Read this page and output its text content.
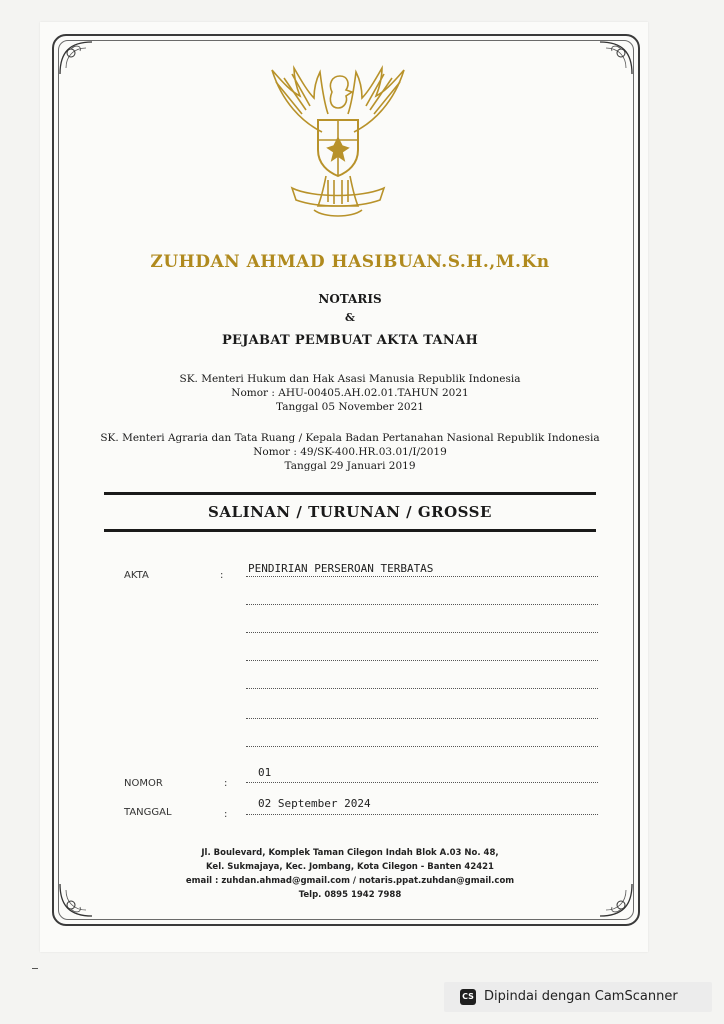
ZUHDAN AHMAD HASIBUAN.S.H.,M.Kn
NOTARIS
&
PEJABAT PEMBUAT AKTA TANAH
SK. Menteri Hukum dan Hak Asasi Manusia Republik Indonesia
Nomor : AHU-00405.AH.02.01.TAHUN 2021
Tanggal 05 November 2021
SK. Menteri Agraria dan Tata Ruang / Kepala Badan Pertanahan Nasional Republik Indonesia
Nomor : 49/SK-400.HR.03.01/I/2019
Tanggal 29 Januari 2019
SALINAN / TURUNAN / GROSSE
AKTA	:
PENDIRIAN PERSEROAN TERBATAS
NOMOR	:
01
TANGGAL	:
02 September 2024
Jl. Boulevard, Komplek Taman Cilegon Indah Blok A.03 No. 48,
Kel. Sukmajaya, Kec. Jombang, Kota Cilegon - Banten 42421
email : zuhdan.ahmad@gmail.com / notaris.ppat.zuhdan@gmail.com
Telp. 0895 1942 7988
CS Dipindai dengan CamScanner
